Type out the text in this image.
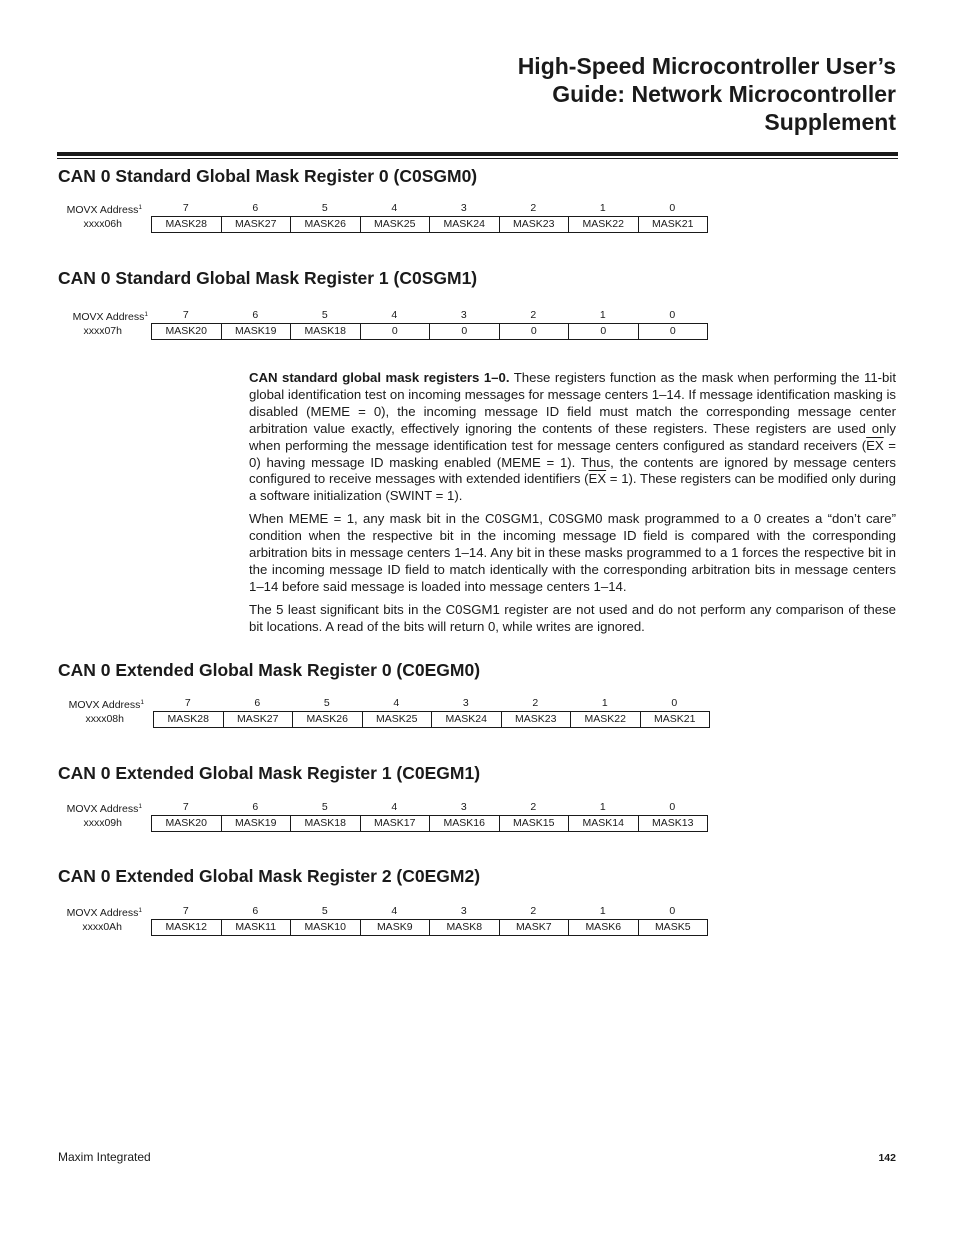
High-Speed Microcontroller User’s
Guide: Network Microcontroller
Supplement
CAN 0 Standard Global Mask Register 0 (C0SGM0)
MOVX Address$^1$	7	6	5	4	3	2	1	0
xxxx06h	MASK28	MASK27	MASK26	MASK25	MASK24	MASK23	MASK22	MASK21
CAN 0 Standard Global Mask Register 1 (C0SGM1)
MOVX Address$^1$	7	6	5	4	3	2	1	0
xxxx07h	MASK20	MASK19	MASK18	0	0	0	0	0

CAN standard global mask registers 1–0. These registers function as the mask when performing the 11-bit global identification test on incoming messages for message centers 1–14. If message identification masking is disabled (MEME = 0), the incoming message ID field must match the corresponding message center arbitration value exactly, effectively ignoring the contents of these registers. These registers are used only when performing the message identification test for message centers configured as standard receivers $(\overline{EX} = 0)$ having message ID masking enabled (MEME = 1). Thus, the contents are ignored by message centers configured to receive messages with extended identifiers $(\overline{EX} = 1)$. These registers can be modified only during a software initialization (SWINT = 1).

When MEME = 1, any mask bit in the C0SGM1, C0SGM0 mask programmed to a 0 creates a “don’t care” condition when the respective bit in the incoming message ID field is compared with the corresponding arbitration bits in message centers 1–14. Any bit in these masks programmed to a 1 forces the respective bit in the incoming message ID field to match identically with the corresponding arbitration bits in message centers 1–14 before said message is loaded into message centers 1–14.

The 5 least significant bits in the C0SGM1 register are not used and do not perform any comparison of these bit locations. A read of the bits will return 0, while writes are ignored.

CAN 0 Extended Global Mask Register 0 (C0EGM0)
MOVX Address$^1$	7	6	5	4	3	2	1	0
xxxx08h	MASK28	MASK27	MASK26	MASK25	MASK24	MASK23	MASK22	MASK21
CAN 0 Extended Global Mask Register 1 (C0EGM1)
MOVX Address$^1$	7	6	5	4	3	2	1	0
xxxx09h	MASK20	MASK19	MASK18	MASK17	MASK16	MASK15	MASK14	MASK13
CAN 0 Extended Global Mask Register 2 (C0EGM2)
MOVX Address$^1$	7	6	5	4	3	2	1	0
xxxx0Ah	MASK12	MASK11	MASK10	MASK9	MASK8	MASK7	MASK6	MASK5
Maxim Integrated	142
